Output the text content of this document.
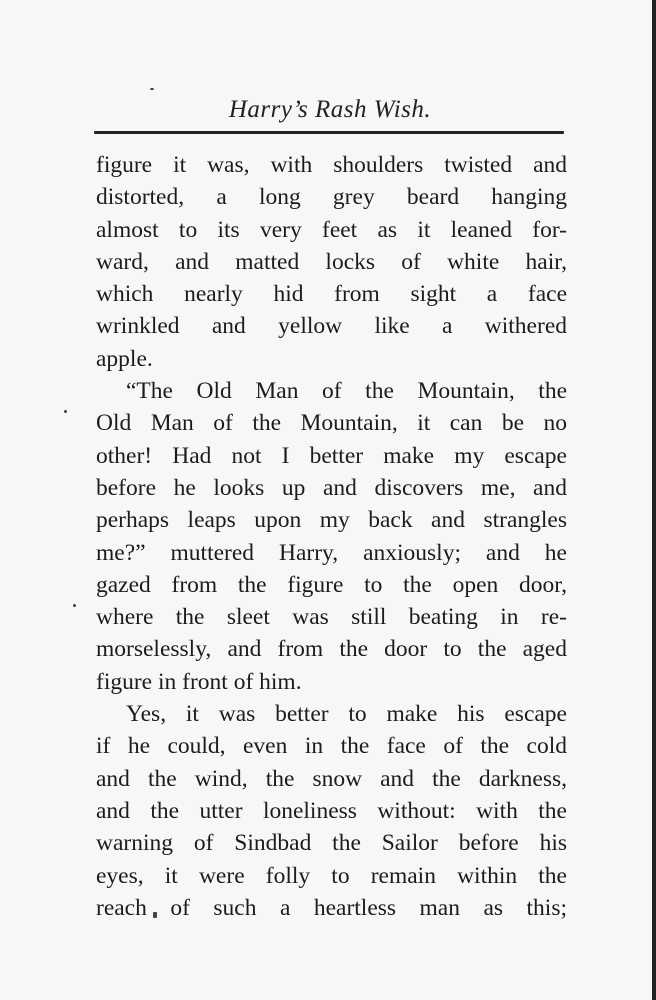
Harry’s Rash Wish.
figure it was, with shoulders twisted and
distorted, a long grey beard hanging
almost to its very feet as it leaned for-
ward, and matted locks of white hair,
which nearly hid from sight a face
wrinkled and yellow like a withered
apple.
“The Old Man of the Mountain, the
Old Man of the Mountain, it can be no
other! Had not I better make my escape
before he looks up and discovers me, and
perhaps leaps upon my back and strangles
me?” muttered Harry, anxiously; and he
gazed from the figure to the open door,
where the sleet was still beating in re-
morselessly, and from the door to the aged
figure in front of him.
Yes, it was better to make his escape
if he could, even in the face of the cold
and the wind, the snow and the darkness,
and the utter loneliness without: with the
warning of Sindbad the Sailor before his
eyes, it were folly to remain within the
reach of such a heartless man as this;
